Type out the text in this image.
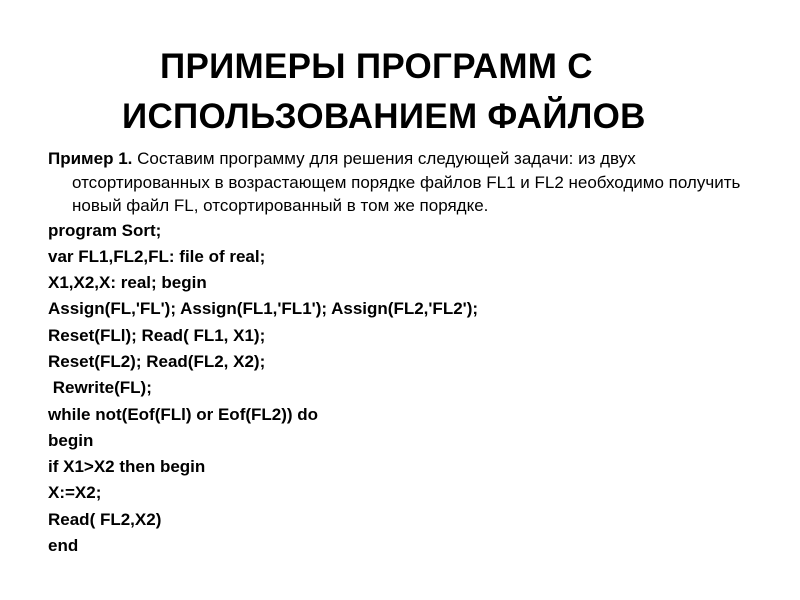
ПРИМЕРЫ ПРОГРАММ С
ИСПОЛЬЗОВАНИЕМ ФАЙЛОВ

Пример 1. Составим программу для решения следующей задачи: из двух отсортированных в возрастающем порядке файлов FL1 и FL2 необходимо получить новый файл FL, отсортированный в том же порядке.

program Sort;
var FL1,FL2,FL: file of real;
X1,X2,X: real; begin
Assign(FL,'FL'); Assign(FL1,'FL1'); Assign(FL2,'FL2');
Reset(FLl); Read( FL1, X1);
Reset(FL2); Read(FL2, X2);
Rewrite(FL);
while not(Eof(FLl) or Eof(FL2)) do
begin
if X1>X2 then begin
X:=X2;
Read( FL2,X2)
end
